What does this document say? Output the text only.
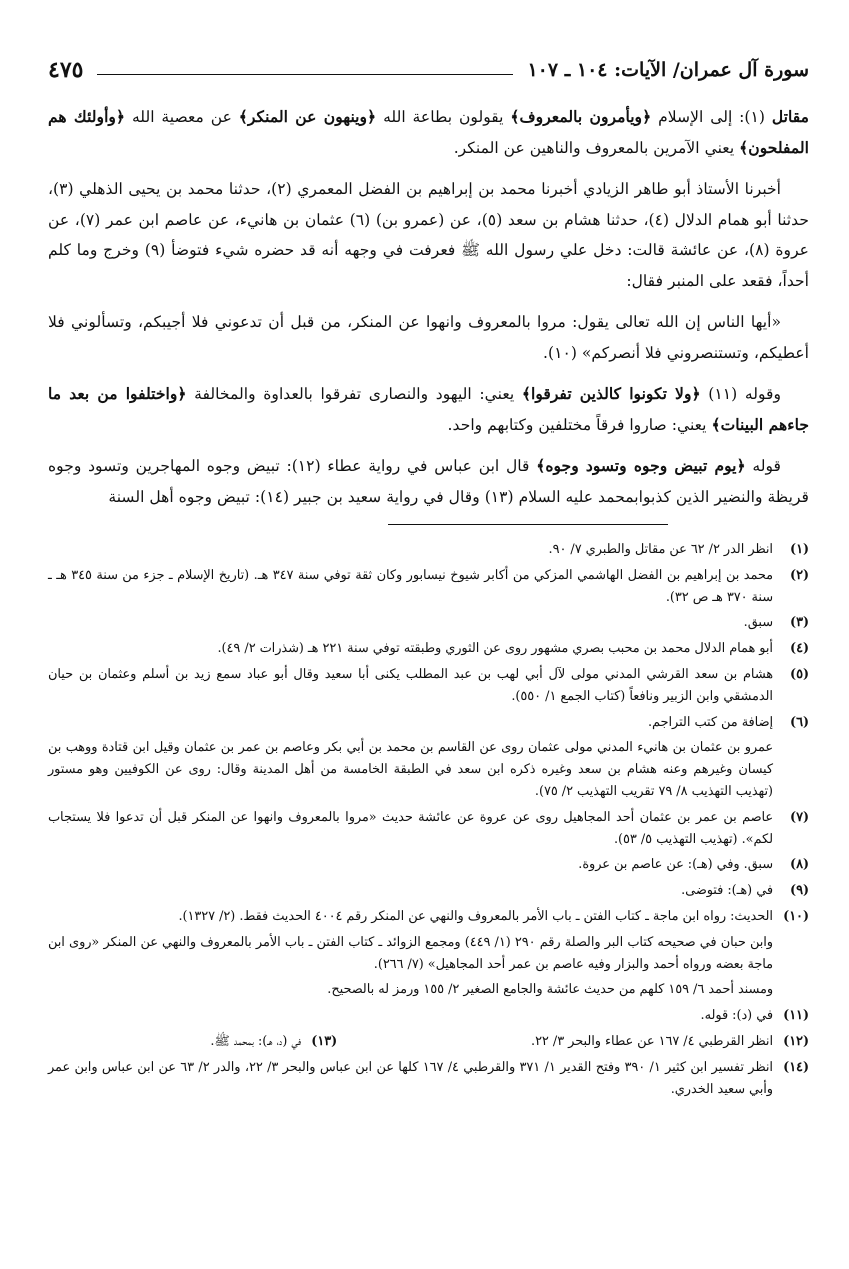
سورة آل عمران/ الآيات: ١٠٤ ـ ١٠٧
٤٧٥

مقاتل (١): إلى الإسلام ﴿ويأمرون بالمعروف﴾ يقولون بطاعة الله ﴿وينهون عن المنكر﴾ عن معصية الله ﴿وأولئك هم المفلحون﴾ يعني الآمرين بالمعروف والناهين عن المنكر.

أخبرنا الأستاذ أبو طاهر الزيادي أخبرنا محمد بن إبراهيم بن الفضل المعمري (٢)، حدثنا محمد بن يحيى الذهلي (٣)، حدثنا أبو همام الدلال (٤)، حدثنا هشام بن سعد (٥)، عن (عمرو بن) (٦) عثمان بن هانيء، عن عاصم ابن عمر (٧)، عن عروة (٨)، عن عائشة قالت: دخل علي رسول الله ﷺ فعرفت في وجهه أنه قد حضره شيء فتوضأ (٩) وخرج وما كلم أحداً، فقعد على المنبر فقال:

«أيها الناس إن الله تعالى يقول: مروا بالمعروف وانهوا عن المنكر، من قبل أن تدعوني فلا أجيبكم، وتسألوني فلا أعطيكم، وتستنصروني فلا أنصركم» (١٠).

وقوله (١١) ﴿ولا تكونوا كالذين تفرقوا﴾ يعني: اليهود والنصارى تفرقوا بالعداوة والمخالفة ﴿واختلفوا من بعد ما جاءهم البينات﴾ يعني: صاروا فرقاً مختلفين وكتابهم واحد.

قوله ﴿يوم تبيض وجوه وتسود وجوه﴾ قال ابن عباس في رواية عطاء (١٢): تبيض وجوه المهاجرين وتسود وجوه قريظة والنضير الذين كذبوابمحمد عليه السلام (١٣) وقال في رواية سعيد بن جبير (١٤): تبيض وجوه أهل السنة

(١)
انظر الدر ٢/ ٦٢ عن مقاتل والطبري ٧/ ٩٠.
(٢)
محمد بن إبراهيم بن الفضل الهاشمي المزكي من أكابر شيوخ نيسابور وكان ثقة توفي سنة ٣٤٧ هـ. (تاريخ الإسلام ـ جزء من سنة ٣٤٥ هـ ـ سنة ٣٧٠ هـ ص ٣٢).
(٣)
سبق.
(٤)
أبو همام الدلال محمد بن محبب بصري مشهور روى عن الثوري وطبقته توفي سنة ٢٢١ هـ (شذرات ٢/ ٤٩).
(٥)
هشام بن سعد القرشي المدني مولى لآل أبي لهب بن عبد المطلب يكنى أبا سعيد وقال أبو عباد سمع زيد بن أسلم وعثمان بن حيان الدمشقي وابن الزبير ونافعاً (كتاب الجمع ١/ ٥٥٠).
(٦)
إضافة من كتب التراجم.
عمرو بن عثمان بن هانيء المدني مولى عثمان روى عن القاسم بن محمد بن أبي بكر وعاصم بن عمر بن عثمان وقيل ابن قتادة ووهب بن كيسان وغيرهم وعنه هشام بن سعد وغيره ذكره ابن سعد في الطبقة الخامسة من أهل المدينة وقال: روى عن الكوفيين وهو مستور (تهذيب التهذيب ٨/ ٧٩ تقريب التهذيب ٢/ ٧٥).
(٧)
عاصم بن عمر بن عثمان أحد المجاهيل روى عن عروة عن عائشة حديث «مروا بالمعروف وانهوا عن المنكر قبل أن تدعوا فلا يستجاب لكم». (تهذيب التهذيب ٥/ ٥٣).
(٨)
سبق. وفي (هـ): عن عاصم بن عروة.
(٩)
في (هـ): فتوضى.
(١٠)
الحديث: رواه ابن ماجة ـ كتاب الفتن ـ باب الأمر بالمعروف والنهي عن المنكر رقم ٤٠٠٤ الحديث فقط. (٢/ ١٣٢٧).
وابن حبان في صحيحه كتاب البر والصلة رقم ٢٩٠ (١/ ٤٤٩) ومجمع الزوائد ـ كتاب الفتن ـ باب الأمر بالمعروف والنهي عن المنكر «روى ابن ماجة بعضه ورواه أحمد والبزار وفيه عاصم بن عمر أحد المجاهيل» (٧/ ٢٦٦).
ومسند أحمد ٦/ ١٥٩ كلهم من حديث عائشة والجامع الصغير ٢/ ١٥٥ ورمز له بالصحيح.
(١١)
في (د): قوله.
(١٢)
انظر القرطبي ٤/ ١٦٧ عن عطاء والبحر ٣/ ٢٢.
(١٣)
في (د، هـ): بمحمد ﷺ.
(١٤)
انظر تفسير ابن كثير ١/ ٣٩٠ وفتح القدير ١/ ٣٧١ والقرطبي ٤/ ١٦٧ كلها عن ابن عباس والبحر ٣/ ٢٢، والدر ٢/ ٦٣ عن ابن عباس وابن عمر وأبي سعيد الخدري.
